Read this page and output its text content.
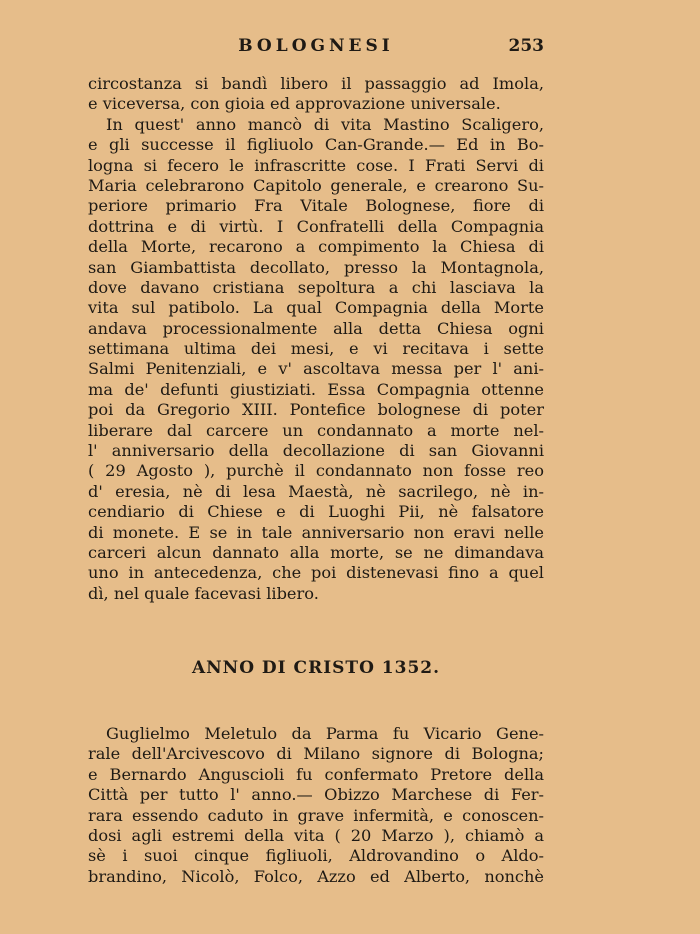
BOLOGNESI	253
circostanza si bandì libero il passaggio ad Imola,
e viceversa, con gioia ed approvazione universale.
In quest' anno mancò di vita Mastino Scaligero,
e gli successe il figliuolo Can-Grande.— Ed in Bo-
logna si fecero le infrascritte cose. I Frati Servi di
Maria celebrarono Capitolo generale, e crearono Su-
periore primario Fra Vitale Bolognese, fiore di
dottrina e di virtù. I Confratelli della Compagnia
della Morte, recarono a compimento la Chiesa di
san Giambattista decollato, presso la Montagnola,
dove davano cristiana sepoltura a chi lasciava la
vita sul patibolo. La qual Compagnia della Morte
andava processionalmente alla detta Chiesa ogni
settimana ultima dei mesi, e vi recitava i sette
Salmi Penitenziali, e v' ascoltava messa per l' ani-
ma de' defunti giustiziati. Essa Compagnia ottenne
poi da Gregorio XIII. Pontefice bolognese di poter
liberare dal carcere un condannato a morte nel-
l' anniversario della decollazione di san Giovanni
( 29 Agosto ), purchè il condannato non fosse reo
d' eresia, nè di lesa Maestà, nè sacrilego, nè in-
cendiario di Chiese e di Luoghi Pii, nè falsatore
di monete. E se in tale anniversario non eravi nelle
carceri alcun dannato alla morte, se ne dimandava
uno in antecedenza, che poi distenevasi fino a quel
dì, nel quale facevasi libero.
ANNO DI CRISTO 1352.
Guglielmo Meletulo da Parma fu Vicario Gene-
rale dell'Arcivescovo di Milano signore di Bologna;
e Bernardo Anguscioli fu confermato Pretore della
Città per tutto l' anno.— Obizzo Marchese di Fer-
rara essendo caduto in grave infermità, e conoscen-
dosi agli estremi della vita ( 20 Marzo ), chiamò a
sè i suoi cinque figliuoli, Aldrovandino o Aldo-
brandino, Nicolò, Folco, Azzo ed Alberto, nonchè
